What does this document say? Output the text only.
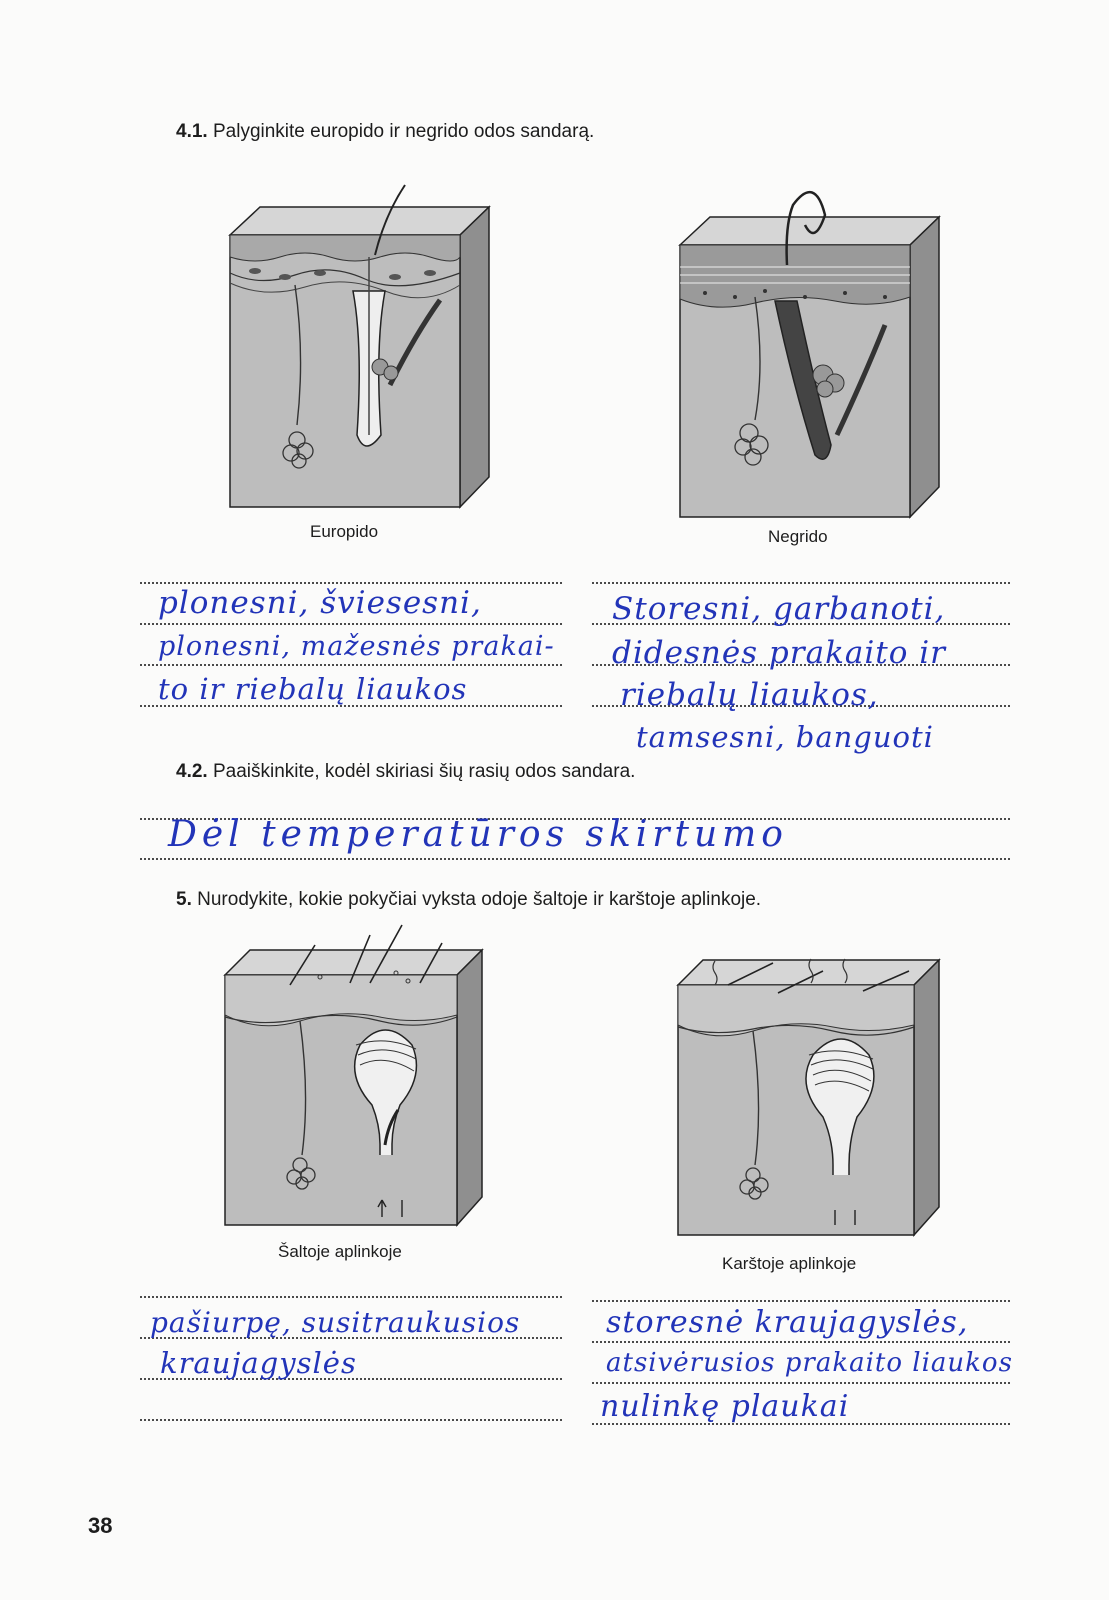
4.1. Palyginkite europido ir negrido odos sandarą.
Europido	Negrido
plonesni, šviesesni,
plonesni, mažesnės prakai-
to ir riebalų liaukos
Storesni, garbanoti,
didesnės prakaito ir
riebalų liaukos,
tamsesni, banguoti
4.2. Paaiškinkite, kodėl skiriasi šių rasių odos sandara.
Dėl temperatūros skirtumo
5. Nurodykite, kokie pokyčiai vyksta odoje šaltoje ir karštoje aplinkoje.
Šaltoje aplinkoje
Karštoje aplinkoje
pašiurpę, susitraukusios
kraujagyslės
storesnė kraujagyslės,
atsivėrusios prakaito liaukos
nulinkę plaukai
38
